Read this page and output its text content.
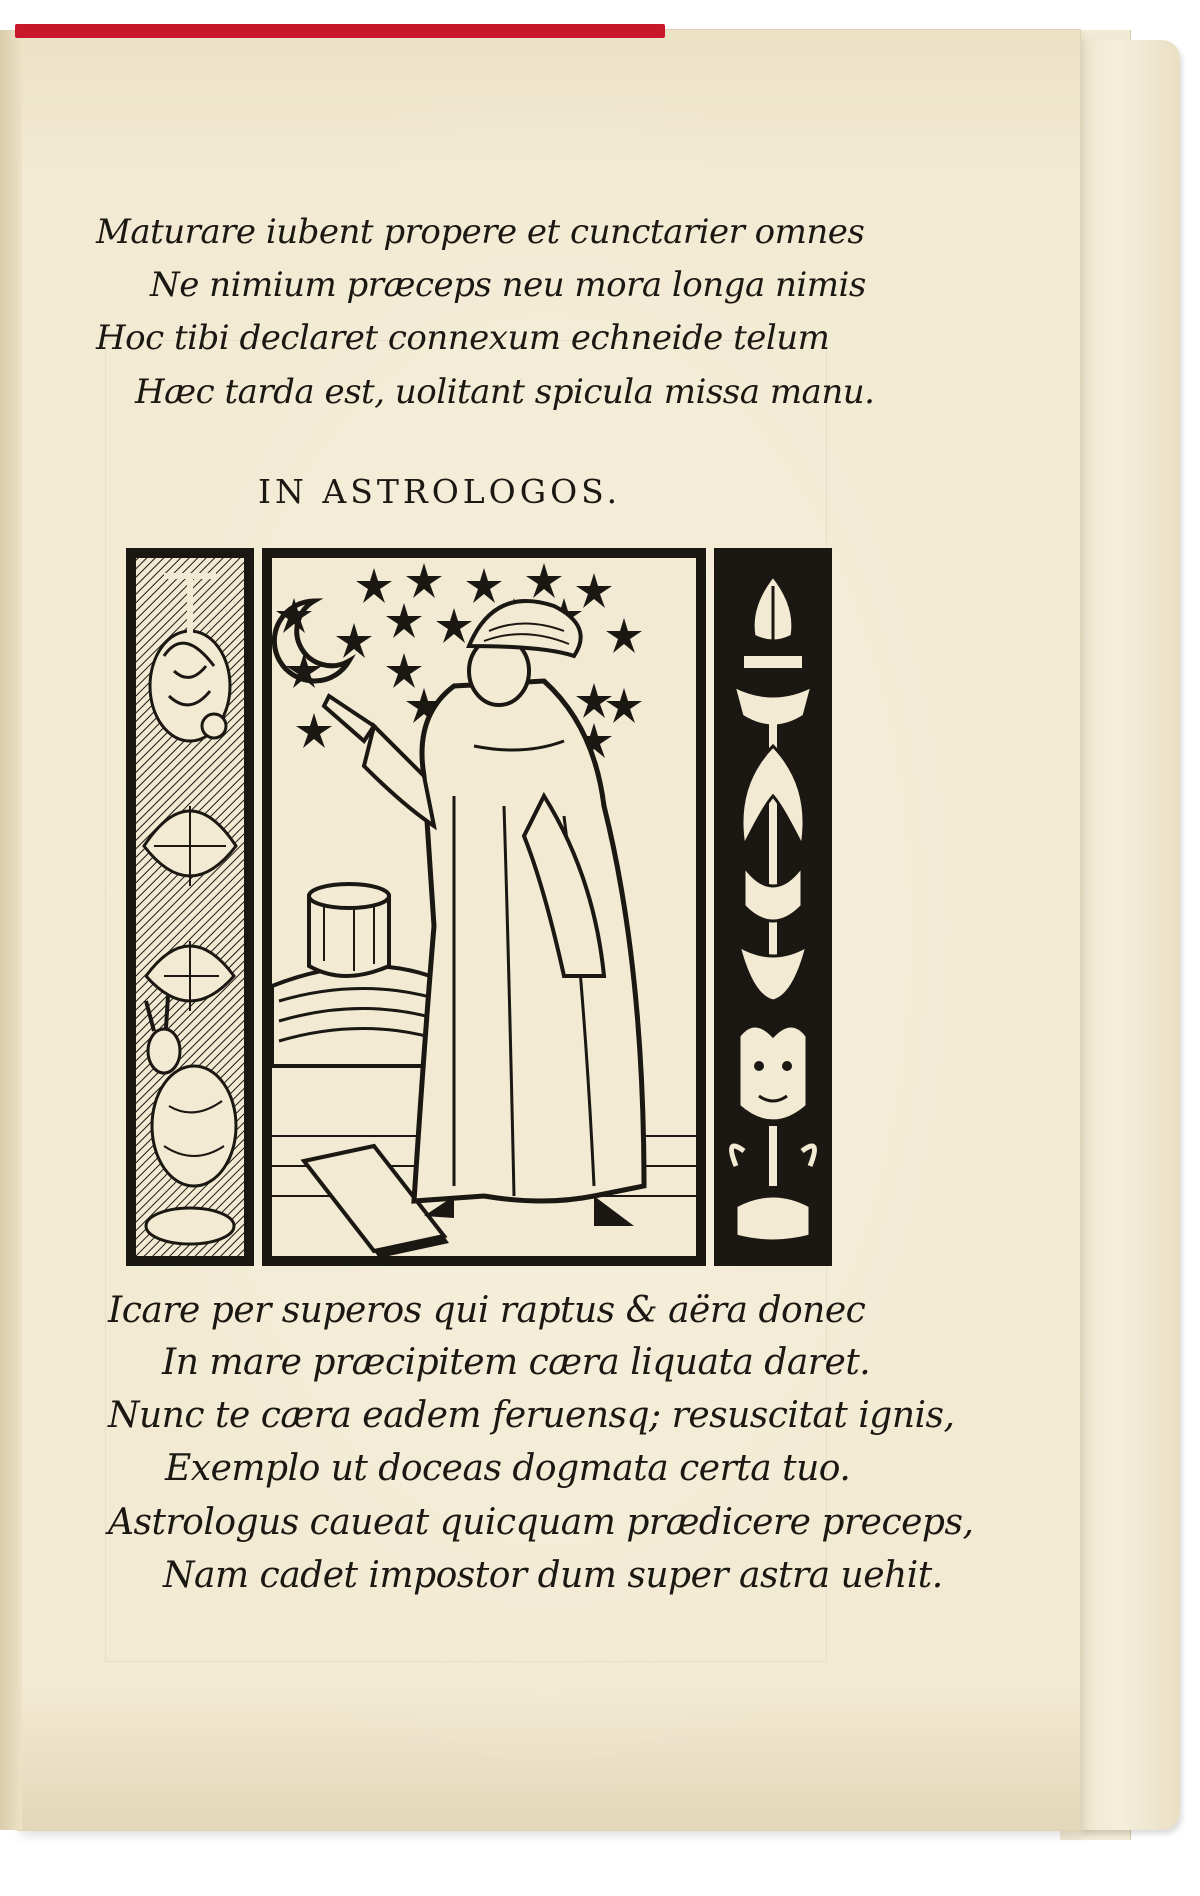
Maturare iubent propere et cunctarier omnes
Ne nimium præceps neu mora longa nimis
Hoc tibi declaret connexum echneide telum
Hæc tarda est, uolitant spicula missa manu.
IN ASTROLOGOS.
Icare per superos qui raptus & aëra donec
In mare præcipitem cæra liquata daret.
Nunc te cæra eadem feruensq; resuscitat ignis,
Exemplo ut doceas dogmata certa tuo.
Astrologus caueat quicquam prædicere preceps,
Nam cadet impostor dum super astra uehit.
